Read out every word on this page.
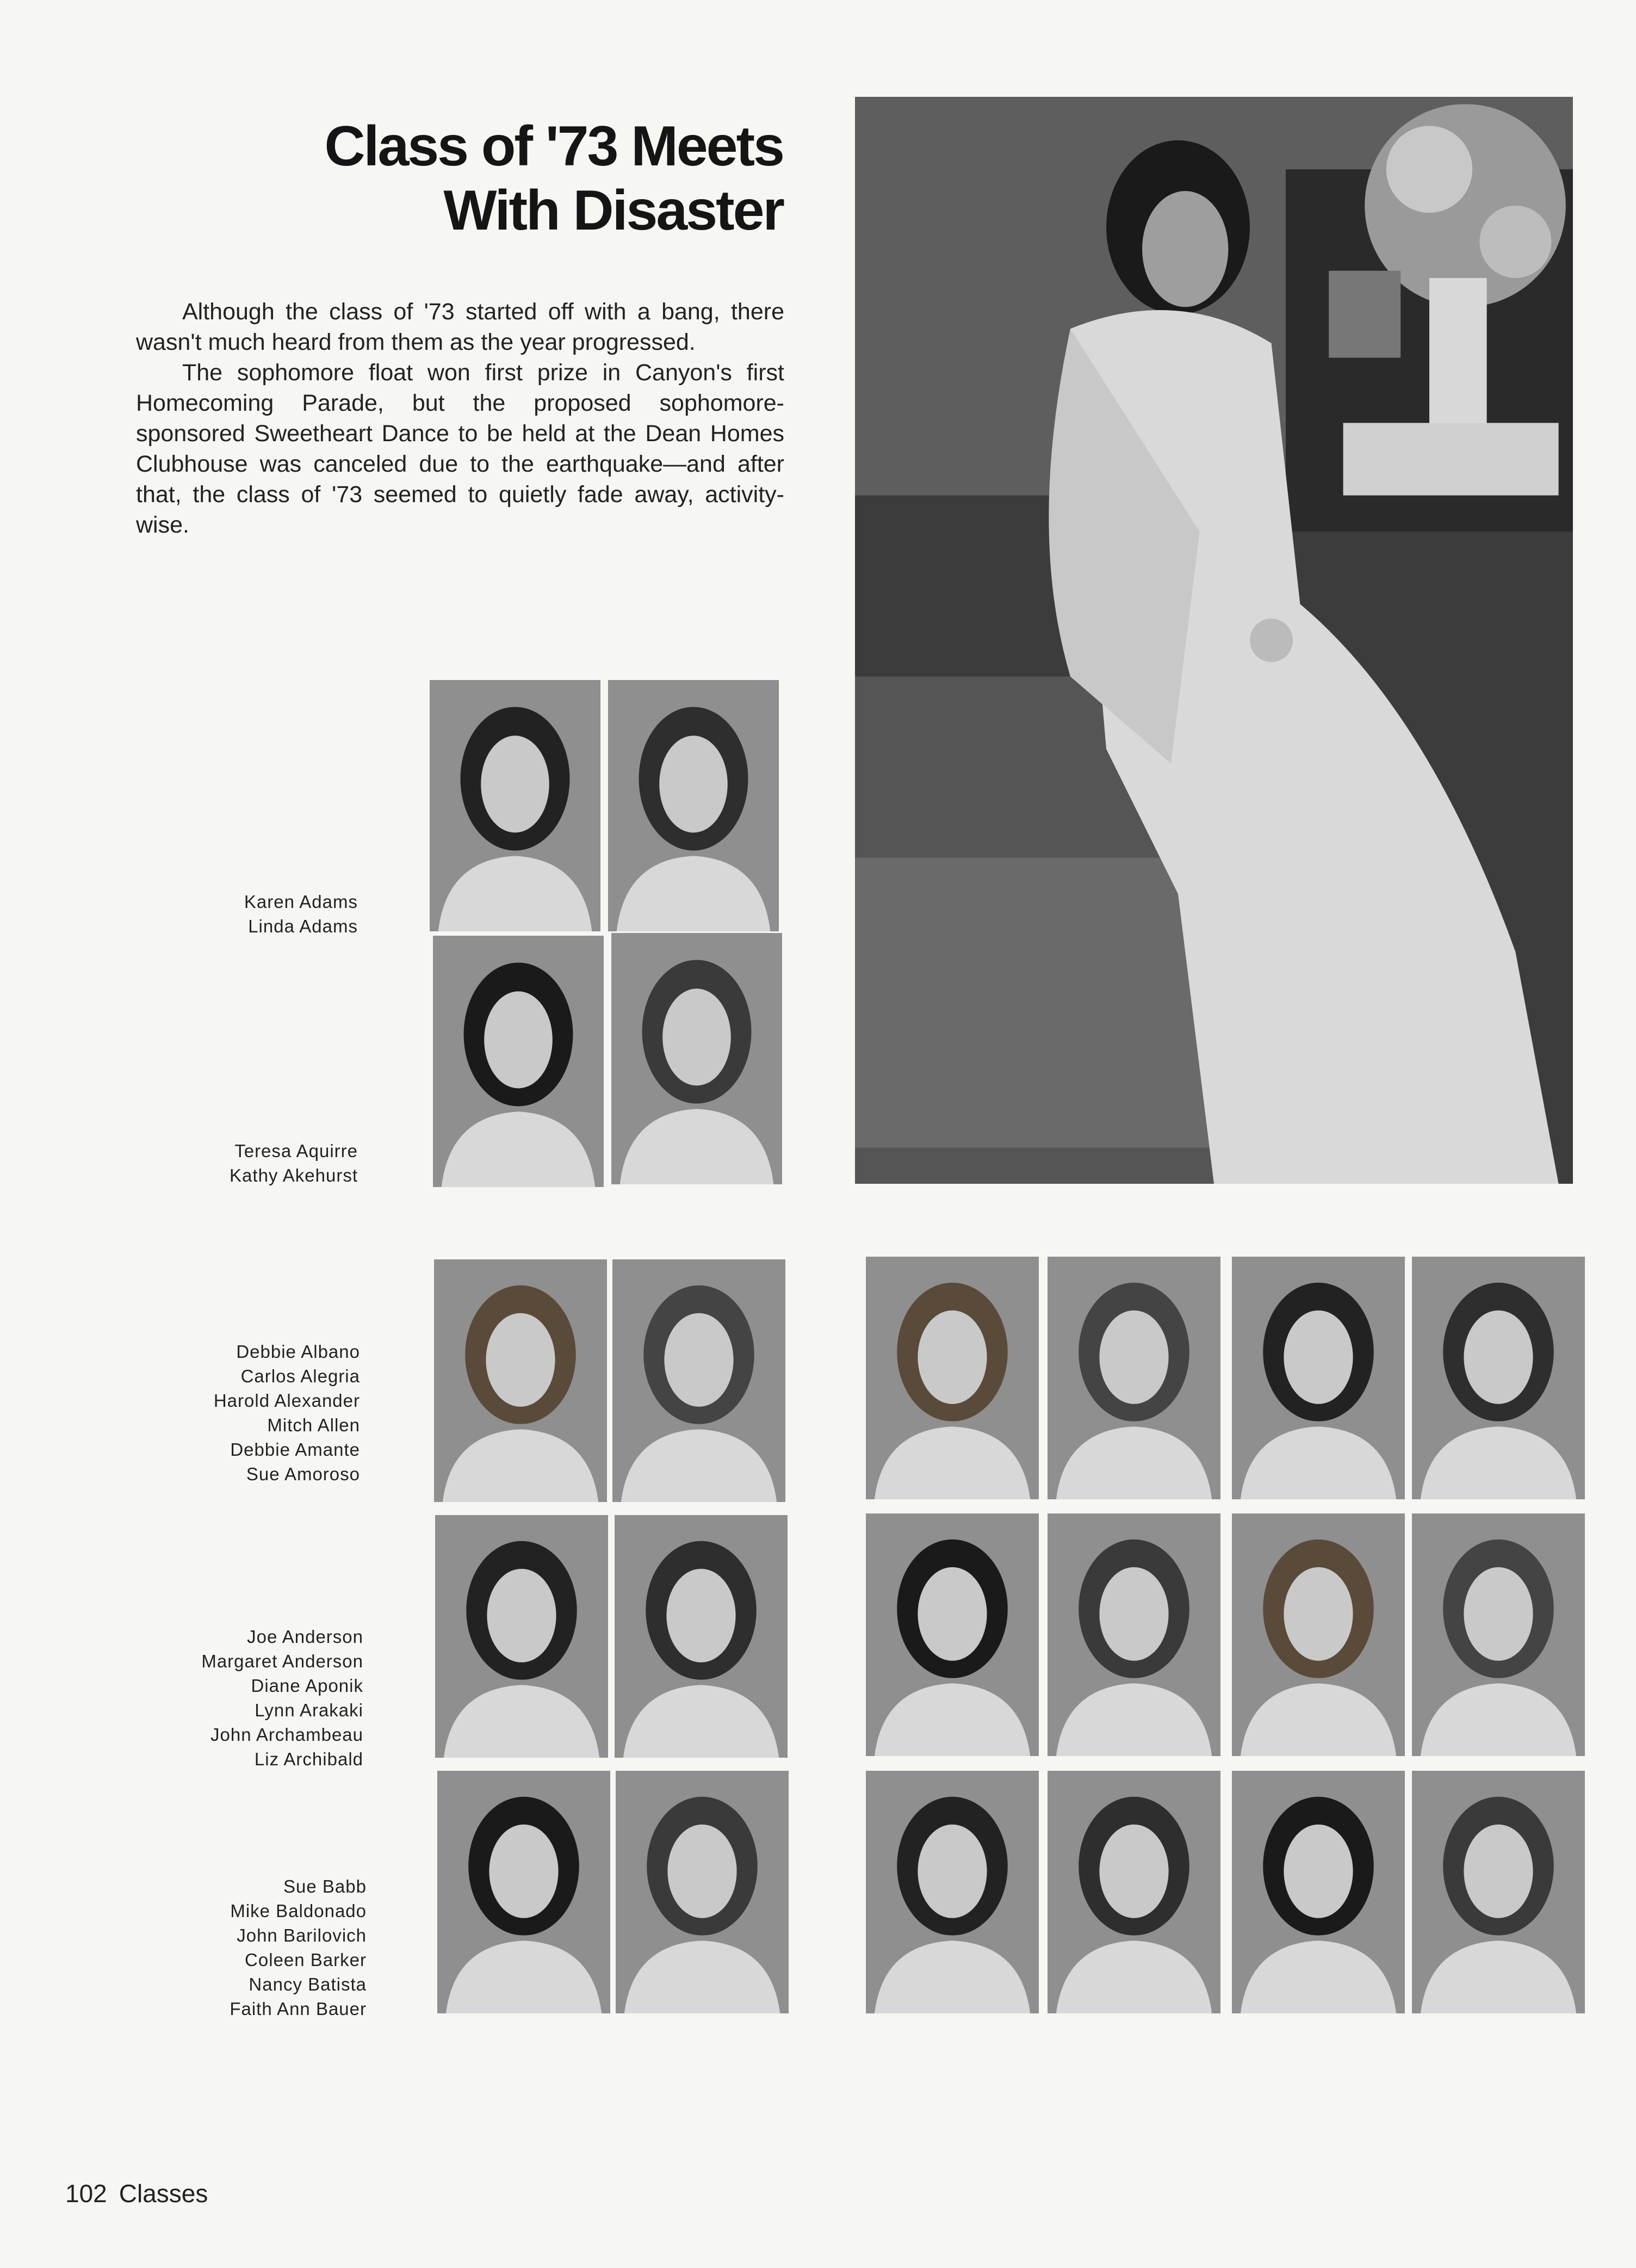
Class of '73 Meets
With Disaster

Although the class of '73 started off with a bang, there wasn't much heard from them as the year progressed.

The sophomore float won first prize in Canyon's first Homecoming Parade, but the proposed sophomore-sponsored Sweetheart Dance to be held at the Dean Homes Clubhouse was canceled due to the earthquake—and after that, the class of '73 seemed to quietly fade away, activity-wise.

Karen Adams
Linda Adams
Teresa Aquirre
Kathy Akehurst
Debbie Albano
Carlos Alegria
Harold Alexander
Mitch Allen
Debbie Amante
Sue Amoroso
Joe Anderson
Margaret Anderson
Diane Aponik
Lynn Arakaki
John Archambeau
Liz Archibald
Sue Babb
Mike Baldonado
John Barilovich
Coleen Barker
Nancy Batista
Faith Ann Bauer
102 Classes
